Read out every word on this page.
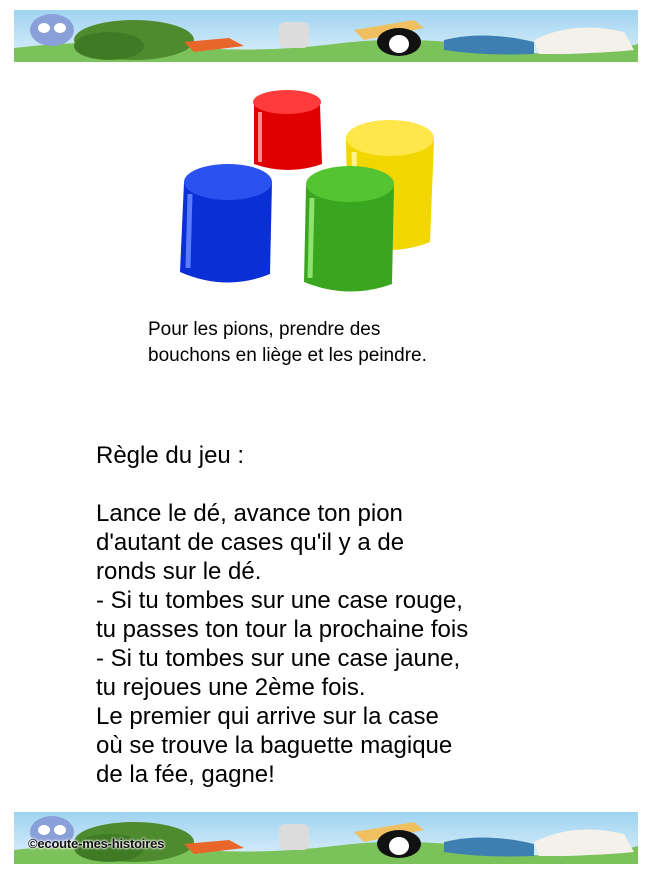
Pour les pions, prendre des
bouchons en liège et les peindre.
Règle du jeu :
Lance le dé, avance ton pion
d'autant de cases qu'il y a de
ronds sur le dé.
- Si tu tombes sur une case rouge,
tu passes ton tour la prochaine fois
- Si tu tombes sur une case jaune,
tu rejoues une 2ème fois.
Le premier qui arrive sur la case
où se trouve la baguette magique
de la fée, gagne!
©ecoute-mes-histoires
